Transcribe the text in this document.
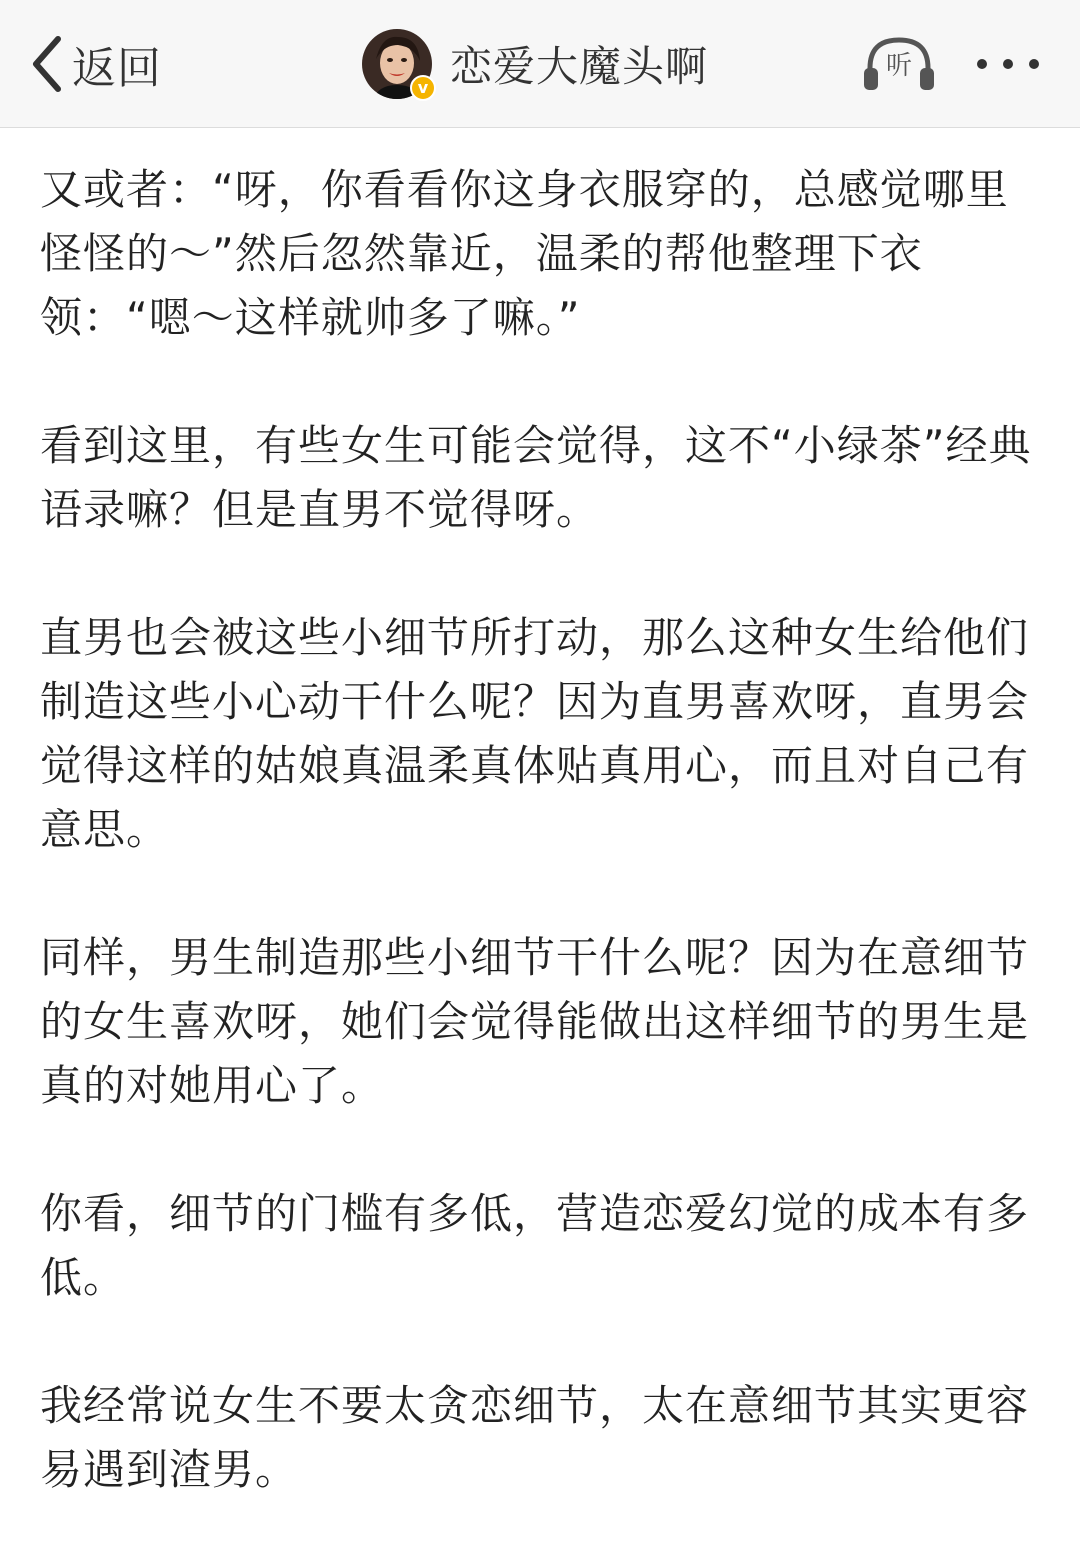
返回	v 恋爱大魔头啊	听

又或者：“呀，你看看你这身衣服穿的，总感觉哪里怪怪的～”然后忽然靠近，温柔的帮他整理下衣领：“嗯～这样就帅多了嘛。”

看到这里，有些女生可能会觉得，这不“小绿茶”经典语录嘛？但是直男不觉得呀。

直男也会被这些小细节所打动，那么这种女生给他们制造这些小心动干什么呢？因为直男喜欢呀，直男会觉得这样的姑娘真温柔真体贴真用心，而且对自己有意思。

同样，男生制造那些小细节干什么呢？因为在意细节的女生喜欢呀，她们会觉得能做出这样细节的男生是真的对她用心了。

你看，细节的门槛有多低，营造恋爱幻觉的成本有多低。

我经常说女生不要太贪恋细节，太在意细节其实更容易遇到渣男。
